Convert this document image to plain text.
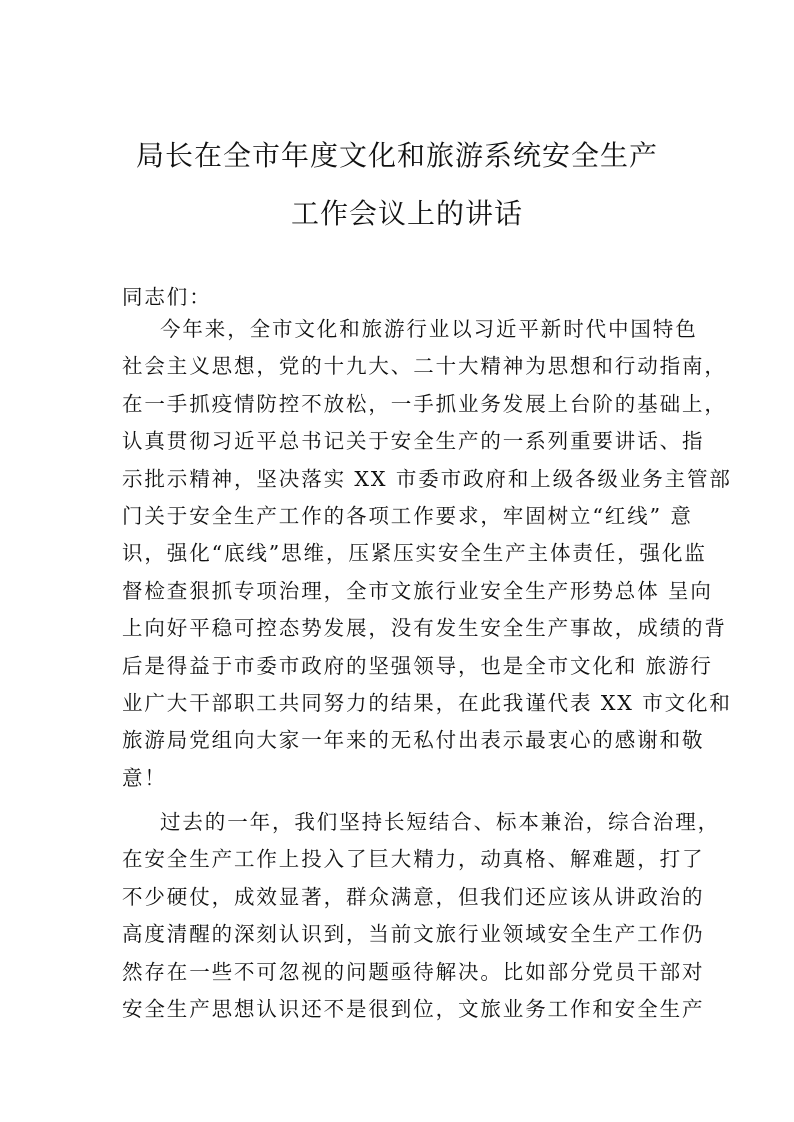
局长在全市年度文化和旅游系统安全生产
工作会议上的讲话
同志们：
今年来，全市文化和旅游行业以习近平新时代中国特色
社会主义思想，党的十九大、二十大精神为思想和行动指南，
在一手抓疫情防控不放松，一手抓业务发展上台阶的基础上，
认真贯彻习近平总书记关于安全生产的一系列重要讲话、指
示批示精神，坚决落实 XX 市委市政府和上级各级业务主管部
门关于安全生产工作的各项工作要求，牢固树立“红线” 意
识，强化“底线”思维，压紧压实安全生产主体责任，强化监
督检查狠抓专项治理，全市文旅行业安全生产形势总体 呈向
上向好平稳可控态势发展，没有发生安全生产事故，成绩的背
后是得益于市委市政府的坚强领导，也是全市文化和 旅游行
业广大干部职工共同努力的结果，在此我谨代表 XX 市文化和
旅游局党组向大家一年来的无私付出表示最衷心的感谢和敬
意！
过去的一年，我们坚持长短结合、标本兼治，综合治理，
在安全生产工作上投入了巨大精力，动真格、解难题，打了
不少硬仗，成效显著，群众满意，但我们还应该从讲政治的
高度清醒的深刻认识到，当前文旅行业领域安全生产工作仍
然存在一些不可忽视的问题亟待解决。比如部分党员干部对
安全生产思想认识还不是很到位，文旅业务工作和安全生产
